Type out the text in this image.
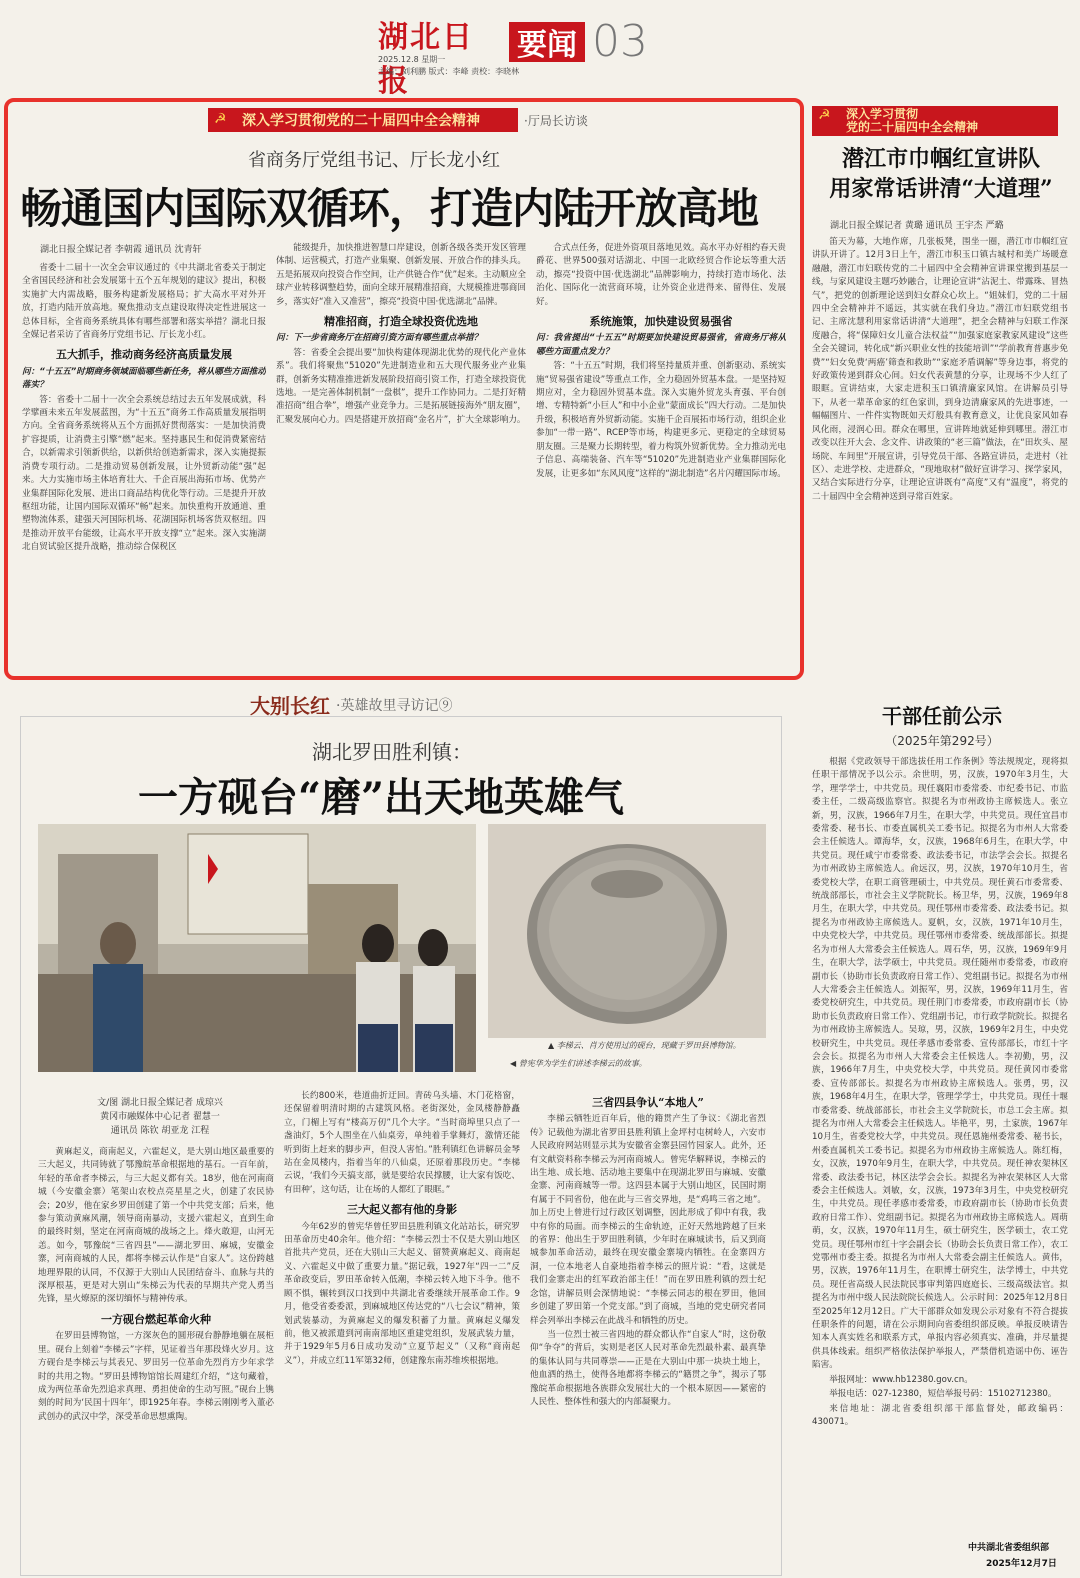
湖北日报
2025.12.8 星期一
主编：刘利鹏 版式：李峰 责校：李晓林
要闻 03
☭	深入学习贯彻党的二十届四中全会精神	·厅局长访谈
省商务厅党组书记、厅长龙小红
畅通国内国际双循环，打造内陆开放高地
湖北日报全媒记者 李朝霞 通讯员 沈青轩

省委十二届十一次全会审议通过的《中共湖北省委关于制定全省国民经济和社会发展第十五个五年规划的建议》提出，积极实施扩大内需战略，服务构建新发展格局；扩大高水平对外开放，打造内陆开放高地。聚焦推动支点建设取得决定性进展这一总体目标，全省商务系统具体有哪些部署和落实举措？湖北日报全媒记者采访了省商务厅党组书记、厅长龙小红。

五大抓手，推动商务经济高质量发展

问：“十五五”时期商务领域面临哪些新任务，将从哪些方面推动落实？

答：省委十二届十一次全会系统总结过去五年发展成就，科学擘画未来五年发展蓝图，为“十五五”商务工作高质量发展指明方向。全省商务系统将从五个方面抓好贯彻落实：一是加快消费扩容提质，让消费主引擎“燃”起来。坚持惠民生和促消费紧密结合，以新需求引领新供给，以新供给创造新需求，深入实施提振消费专项行动。二是推动贸易创新发展，让外贸新动能“强”起来。大力实施市场主体培育壮大、千企百展出海拓市场、优势产业集群国际化发展、进出口商品结构优化等行动。三是提升开放枢纽功能，让国内国际双循环“畅”起来。加快重构开放通道、重塑物流体系，建强天河国际机场、花湖国际机场客货双枢纽。四是推动开放平台能级，让高水平开放支撑“立”起来。深入实施湖北自贸试验区提升战略，推动综合保税区

能级提升，加快推进智慧口岸建设，创新各级各类开发区管理体制、运营模式，打造产业集聚、创新发展、开放合作的排头兵。五是拓展双向投资合作空间，让产供链合作“优”起来。主动顺应全球产业转移调整趋势，面向全球开展精准招商，大规模推进鄂商回乡，落实好“准入又准营”，擦亮“投资中国·优选湖北”品牌。

精准招商，打造全球投资优选地

问：下一步省商务厅在招商引资方面有哪些重点举措？

答：省委全会提出要“加快构建体现湖北优势的现代化产业体系”。我们将聚焦“51020”先进制造业和五大现代服务业产业集群，创新务实精准推进新发展阶段招商引资工作，打造全球投资优选地。一是完善体制机制“一盘棋”，提升工作协同力。二是打好精准招商“组合拳”，增强产业竞争力。三是拓展链接海外“朋友圈”，汇聚发展向心力。四是搭建开放招商“金名片”，扩大全球影响力。

合式点任务，促进外资项目落地见效。高水平办好相约春天贵爵花、世界500强对话湖北、中国一北欧经贸合作论坛等重大活动，擦亮“投资中国·优选湖北”品牌影响力，持续打造市场化、法治化、国际化一流营商环境，让外资企业进得来、留得住、发展好。

系统施策，加快建设贸易强省

问：我省提出“十五五”时期要加快建设贸易强省，省商务厅将从哪些方面重点发力？

答：“十五五”时期，我们将坚持量质并重、创新驱动、系统实施“贸易强省建设”等重点工作，全力稳固外贸基本盘。一是坚持短期应对，全力稳固外贸基本盘。深入实施外贸龙头育强、平台创增、专精特新“小巨人”和中小企业“蒙面成长”四大行动。二是加快升级，积极培育外贸新动能。实施千企百展拓市场行动，组织企业参加“一带一路”、RCEP等市场，构建更多元、更稳定的全球贸易朋友圈。三是聚力长期转型，着力构筑外贸新优势。全力推动光电子信息、高端装备、汽车等“51020”先进制造业产业集群国际化发展，让更多如“东风风度”这样的“湖北制造”名片闪耀国际市场。

☭	深入学习贯彻
党的二十届四中全会精神
潜江市巾帼红宣讲队
用家常话讲清“大道理”
湖北日报全媒记者 黄璐 通讯员 王宇杰 严璐

笛天为幕，大地作席，几张板凳，围坐一圈，潜江市巾帼红宣讲队开讲了。12月3日上午，潜江市积玉口镇古城村和美广场暖意融融，潜江市妇联传党的二十届四中全会精神宣讲课堂搬到基层一线，与家风建设主题巧妙融合，让理论宣讲“沾泥土、带露珠、冒热气”，把党的创新理论送到妇女群众心坎上。“姐妹们，党的二十届四中全会精神并不遥远，其实就在我们身边。”潜江市妇联党组书记、主席沈慧利用家常话讲清“大道理”，把全会精神与妇联工作深度融合，将“保障妇女儿童合法权益”“加强家庭家教家风建设”这些全会关键词，转化成“新兴职业女性的技能培训”“学前教育普惠步免费”“妇女免费‘两癌’筛查和救助”“家庭矛盾调解”等身边事，将党的好政策传递到群众心间。妇女代表黄慧的分享，让现场不少人红了眼眶。宣讲结束，大家走进积玉口镇清廉家风馆。在讲解员引导下，从老一辈革命家的红色家训，到身边清廉家风的先进事迹，一幅幅图片、一件件实物既如天灯般具有教育意义，让优良家风如春风化雨，浸润心田。群众在哪里，宣讲阵地就延伸到哪里。潜江市改变以往开大会、念文件、讲政策的“老三篇”做法，在“田坎头、屋场院、车间里”开展宣讲，引导党员干部、各路宣讲员，走进村（社区）、走进学校、走进群众，“现地取材”做好宣讲学习、探学家风，又结合实际进行分享，让理论宣讲既有“高度”又有“温度”，将党的二十届四中全会精神送到寻常百姓家。

大别长红 ·英雄故里寻访记⑨
湖北罗田胜利镇：
一方砚台“磨”出天地英雄气
◀ 曾宪华为学生们讲述李梯云的故事。
▲ 李梯云、肖方使用过的砚台，现藏于罗田县博物馆。
文/图 湖北日报全媒记者 成琼兴
黄冈市融媒体中心记者 翟慧一
通讯员 陈钦 胡亚龙 江程

黄麻起义，商南起义，六霍起义，是大别山地区最重要的三大起义，共同铸就了鄂豫皖革命根据地的基石。一百年前，年轻的革命者李梯云，与三大起义都有关。18岁，他在河南商城（今安徽金寨）笔架山农校点亮星星之火，创建了农民协会；20岁，他在家乡罗田创建了第一个中共党支部；后来，他参与策动黄麻风潮，领导商南暴动，支援六霍起义，直到生命的最终时刻，坚定在河南商城的战场之上。烽火敢迎，山河无恙。如今，鄂豫皖“三省四县”——湖北罗田、麻城，安徽金寨，河南商城的人民，都将李梯云认作是“自家人”。这份跨越地理界限的认同，不仅源于大别山人民团结奋斗、血脉与共的深厚根基，更是对大别山“朱梯云为代表的早期共产党人勇当先锋，星火燎原的深切缅怀与精神传承。

一方砚台燃起革命火种

在罗田县博物馆，一方深灰色的圆形砚台静静地躺在展柜里。砚台上刻着“李梯云”字样，见证着当年那段烽火岁月。这方砚台是李梯云与其表兄、罗田另一位革命先烈肖方少年求学时的共用之物。“罗田县博物馆馆长周建红介绍，“这句藏着，成为两位革命先烈追求真理、勇担使命的生动写照。”砚台上镌刻的时间为‘民国十四年’，即1925年春。李梯云刚刚考入董必武创办的武汉中学，深受革命思想熏陶。

长约800米，巷道曲折迂回。青砖乌头墙、木门花格窗，还保留着明清时期的古建筑风格。老街深处，金凤楼静静矗立，门楣上写有“楼高万仞”几个大字。“当时商埠里只点了一盏油灯，5个人围坐在八仙桌旁，单纯着手掌舞灯，激情还能听到街上赶来的脚步声，但没人害怕。”胜利镇红色讲解员金琴站在金凤楼内，指着当年的八仙桌，还原着那段历史。“李梯云说，‘我们今天搞支部，就是要给农民撑腰，让大家有饭吃、有田种’，这句话，让在场的人都红了眼眶。”

三大起义都有他的身影

今年62岁的曾宪华曾任罗田县胜利镇文化站站长，研究罗田革命历史40余年。他介绍：“李梯云烈士不仅是大别山地区首批共产党员，还在大别山三大起义、留赞黄麻起义、商南起义、六霍起义中做了重要力量。”据记载，1927年“四一二”反革命政变后，罗田革命转入低潮，李梯云转入地下斗争。他不顾不惧，辗转到汉口找到中共湖北省委继续开展革命工作。9月，他受省委委派，到麻城地区传达党的“八七会议”精神，策划武装暴动，为黄麻起义的爆发积蓄了力量。黄麻起义爆发前，他又被派遣到河南南部地区重建党组织，发展武装力量，并于1929年5月6日成功发动“立夏节起义”（又称“商南起义”），并成立红11军第32师，创建豫东南苏维埃根据地。

三省四县争认“本地人”

李梯云牺牲近百年后，他的籍贯产生了争议：《湖北省烈传》记载他为湖北省罗田县胜利镇上金坪村屯树岭人，六安市人民政府网站则显示其为安徽省金寨县园竹园家人。此外，还有文献资料称李梯云为河南商城人。曾宪华解释说，李梯云的出生地、成长地、活动地主要集中在现湖北罗田与麻城、安徽金寨、河南商城等一带。这四县本属于大别山地区，民国时期有属于不同省份，他在此与三省交界地，是“鸡鸣三省之地”。加上历史上曾进行过行政区划调整，因此形成了仰中有我，我中有你的局面。而李梯云的生命轨迹，正好天然地跨越了巨来的省界：他出生于罗田胜利镇，少年时在麻城读书，后又到商城参加革命活动，最终在现安徽金寨境内牺牲。在金寨四方洞，一位本地老人自豪地指着李梯云的照片说：“看，这就是我们金寨走出的红军政治部主任！”而在罗田胜利镇的烈士纪念馆，讲解员则会深情地说：“李梯云同志的根在罗田，他回乡创建了罗田第一个党支部。”到了商城，当地的党史研究者同样会列举出李梯云在此战斗和牺牲的历史。

当一位烈士被三省四地的群众都认作“自家人”时，这份敬仰“争夺”的背后，实则是老区人民对革命先烈最朴素、最真挚的集体认同与共同尊崇——正是在大别山中那一块块土地上，他血洒的热土，使得各地都将李梯云的“籍贯之争”，揭示了鄂豫皖革命根据地各族群众发展壮大的一个根本原因——紧密的人民性、整体性和强大的内部凝聚力。

干部任前公示
（2025年第292号）

根据《党政领导干部选拔任用工作条例》等法规规定，现将拟任职干部情况予以公示。余世明，男，汉族，1970年3月生，大学，理学学士，中共党员。现任襄阳市委常委、市纪委书记、市监委主任，二级高级监察官。拟提名为市州政协主席候选人。张立新，男，汉族，1966年7月生，在职大学，中共党员。现任宜昌市委常委、秘书长、市委直属机关工委书记。拟提名为市州人大常委会主任候选人。谭海华，女，汉族，1968年6月生，在职大学，中共党员。现任咸宁市委常委、政法委书记，市法学会会长。拟提名为市州政协主席候选人。俞远汉，男，汉族，1970年10月生，省委党校大学，在职工商管理硕士，中共党员。现任黄石市委常委、统战部部长，市社会主义学院院长。杨卫华，男，汉族，1969年8月生，在职大学，中共党员。现任鄂州市委常委、政法委书记。拟提名为市州政协主席候选人。夏帆，女，汉族，1971年10月生，中央党校大学，中共党员。现任鄂州市委常委、统战部部长。拟提名为市州人大常委会主任候选人。周石华，男，汉族，1969年9月生，在职大学，法学硕士，中共党员。现任随州市委常委，市政府副市长（协助市长负责政府日常工作）、党组副书记。拟提名为市州人大常委会主任候选人。刘振军，男，汉族，1969年11月生，省委党校研究生，中共党员。现任荆门市委常委，市政府副市长（协助市长负责政府日常工作）、党组副书记，市行政学院院长。拟提名为市州政协主席候选人。吴琼，男，汉族，1969年2月生，中央党校研究生，中共党员。现任孝感市委常委、宣传部部长，市红十字会会长。拟提名为市州人大常委会主任候选人。李初勤，男，汉族，1966年7月生，中央党校大学，中共党员。现任黄冈市委常委、宣传部部长。拟提名为市州政协主席候选人。张勇，男，汉族，1968年4月生，在职大学，管理学学士，中共党员。现任十堰市委常委、统战部部长，市社会主义学院院长，市总工会主席。拟提名为市州人大常委会主任候选人。毕艳平，男，土家族，1967年10月生，省委党校大学，中共党员。现任恩施州委常委、秘书长，州委直属机关工委书记。拟提名为市州政协主席候选人。陈红梅，女，汉族，1970年9月生，在职大学，中共党员。现任神农架林区常委、政法委书记，林区法学会会长。拟提名为神农架林区人大常委会主任候选人。刘敏，女，汉族，1973年3月生，中央党校研究生，中共党员。现任孝感市委常委，市政府副市长（协助市长负责政府日常工作）、党组副书记。拟提名为市州政协主席候选人。周萌萌，女，汉族，1970年11月生，硕士研究生，医学硕士，农工党党员。现任鄂州市红十字会副会长（协助会长负责日常工作），农工党鄂州市委主委。拟提名为市州人大常委会副主任候选人。黄伟，男，汉族，1976年11月生，在职博士研究生，法学博士，中共党员。现任省高级人民法院民事审判第四庭庭长、三级高级法官。拟提名为市州中级人民法院院长候选人。公示时间：2025年12月8日至2025年12月12日。广大干部群众如发现公示对象有不符合提拔任职条件的问题，请在公示期间向省委组织部反映。单报反映请告知本人真实姓名和联系方式，单报内容必须真实、准确，并尽量提供具体线索。组织严格依法保护举报人，严禁借机造谣中伤、诬告陷害。

举报网址：www.hb12380.gov.cn。

举报电话：027-12380，短信举报号码：15102712380。

来信地址：湖北省委组织部干部监督处，邮政编码：430071。

中共湖北省委组织部
2025年12月7日
